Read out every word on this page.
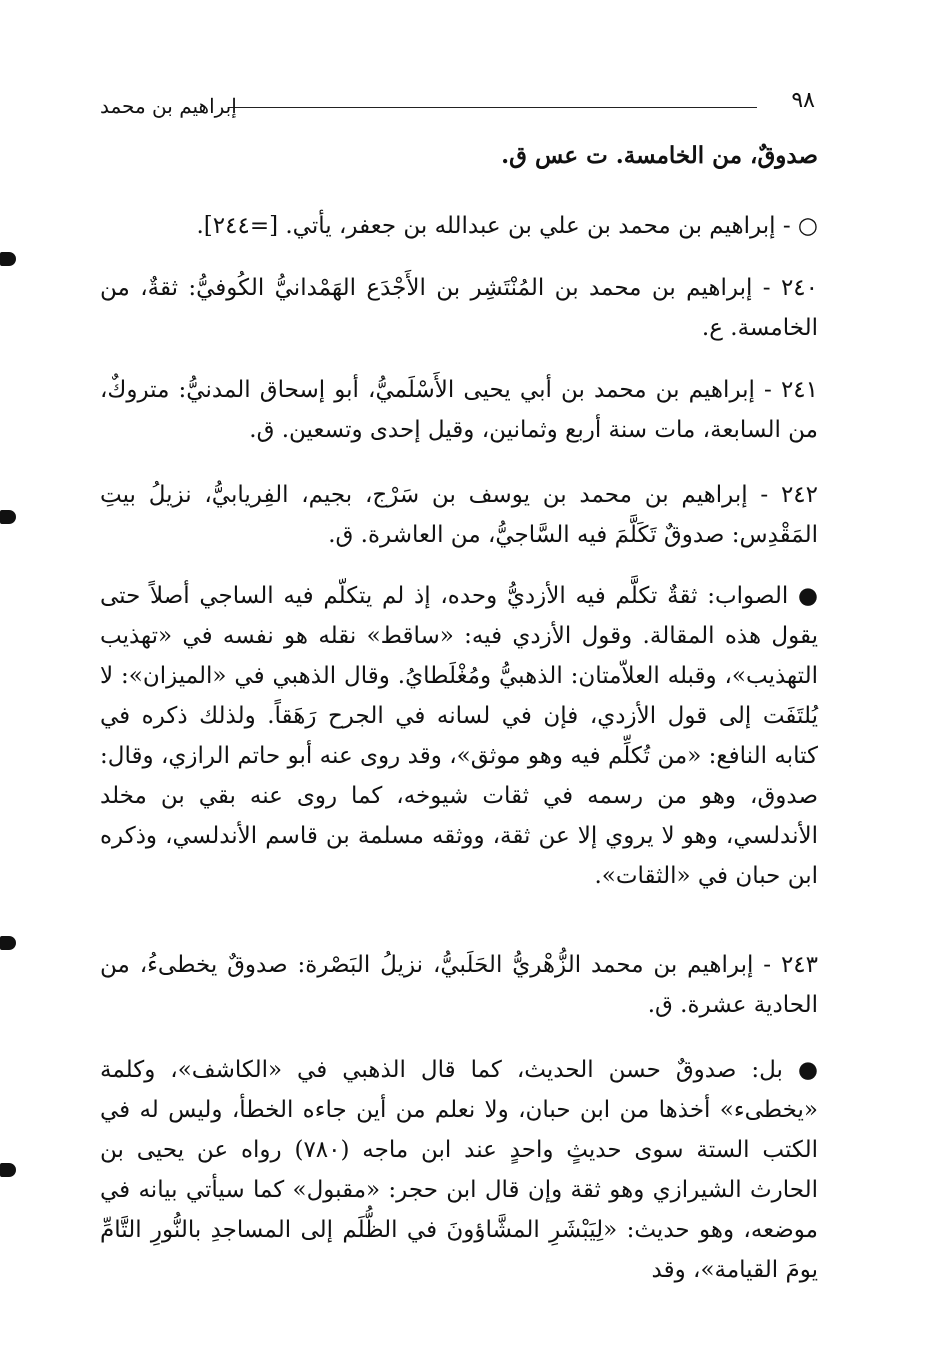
٩٨
إبراهيم بن محمد

صدوقٌ، من الخامسة. ت عس ق.

○ - إبراهيم بن محمد بن علي بن عبدالله بن جعفر، يأتي. [=٢٤٤].

٢٤٠ - إبراهيم بن محمد بن المُنْتَشِر بن الأَجْدَع الهَمْدانيُّ الكُوفيُّ: ثقةٌ، من الخامسة. ع.

٢٤١ - إبراهيم بن محمد بن أبي يحيى الأَسْلَميُّ، أبو إسحاق المدنيُّ: متروكٌ، من السابعة، مات سنة أربع وثمانين، وقيل إحدى وتسعين. ق.

٢٤٢ - إبراهيم بن محمد بن يوسف بن سَرْج، بجيم، الفِريابيُّ، نزيلُ بيتِ المَقْدِس: صدوقٌ تَكَلَّمَ فيه السَّاجيُّ، من العاشرة. ق.

● الصواب: ثقةٌ تكلَّم فيه الأزديُّ وحده، إذ لم يتكلّم فيه الساجي أصلاً حتى يقول هذه المقالة. وقول الأزدي فيه: «ساقط» نقله هو نفسه في «تهذيب التهذيب»، وقبله العلاّمتان: الذهبيُّ ومُغْلَطايُ. وقال الذهبي في «الميزان»: لا يُلتَفَت إلى قول الأزدي، فإن في لسانه في الجرح رَهَقاً. ولذلك ذكره في كتابه النافع: «من تُكلِّم فيه وهو موثق»، وقد روى عنه أبو حاتم الرازي، وقال: صدوق، وهو من رسمه في ثقات شيوخه، كما روى عنه بقي بن مخلد الأندلسي، وهو لا يروي إلا عن ثقة، ووثقه مسلمة بن قاسم الأندلسي، وذكره ابن حبان في «الثقات».

٢٤٣ - إبراهيم بن محمد الزُّهْريُّ الحَلَبيُّ، نزيلُ البَصْرة: صدوقٌ يخطىءُ، من الحادية عشرة. ق.

● بل: صدوقٌ حسن الحديث، كما قال الذهبي في «الكاشف»، وكلمة «يخطىء» أخذها من ابن حبان، ولا نعلم من أين جاءه الخطأ، وليس له في الكتب الستة سوى حديثٍ واحدٍ عند ابن ماجه (٧٨٠) رواه عن يحيى بن الحارث الشيرازي وهو ثقة وإن قال ابن حجر: «مقبول» كما سيأتي بيانه في موضعه، وهو حديث: «لِيَبْشَرِ المشَّاؤونَ في الظُّلَم إلى المساجدِ بالنُّورِ التَّامِّ يومَ القيامة»، وقد
